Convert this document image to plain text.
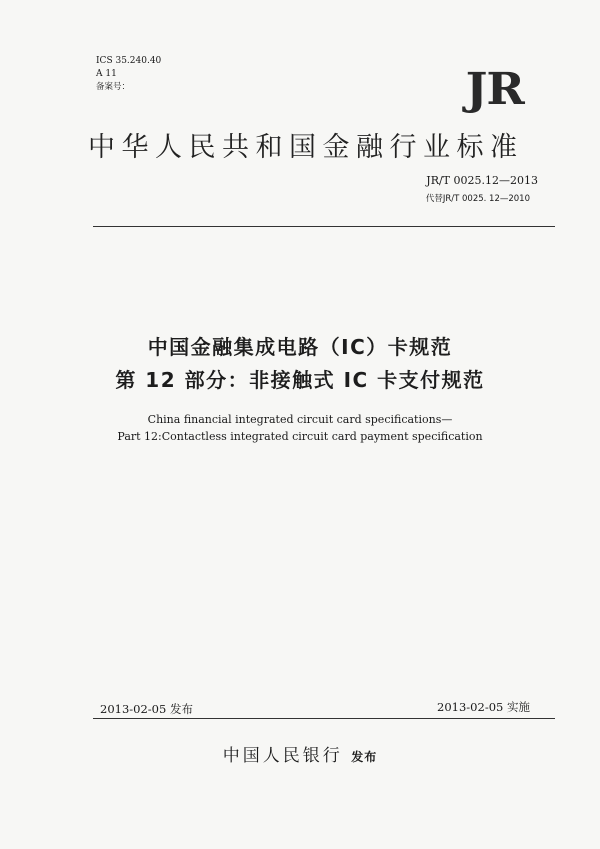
ICS 35.240.40
A 11
备案号：	JR
中华人民共和国金融行业标准
JR/T 0025.12—2013
代替JR/T 0025. 12—2010
中国金融集成电路（IC）卡规范
第 12 部分：非接触式 IC 卡支付规范
China financial integrated circuit card specifications—
Part 12:Contactless integrated circuit card payment specification
2013-02-05 发布	2013-02-05 实施
中国人民银行 发布
